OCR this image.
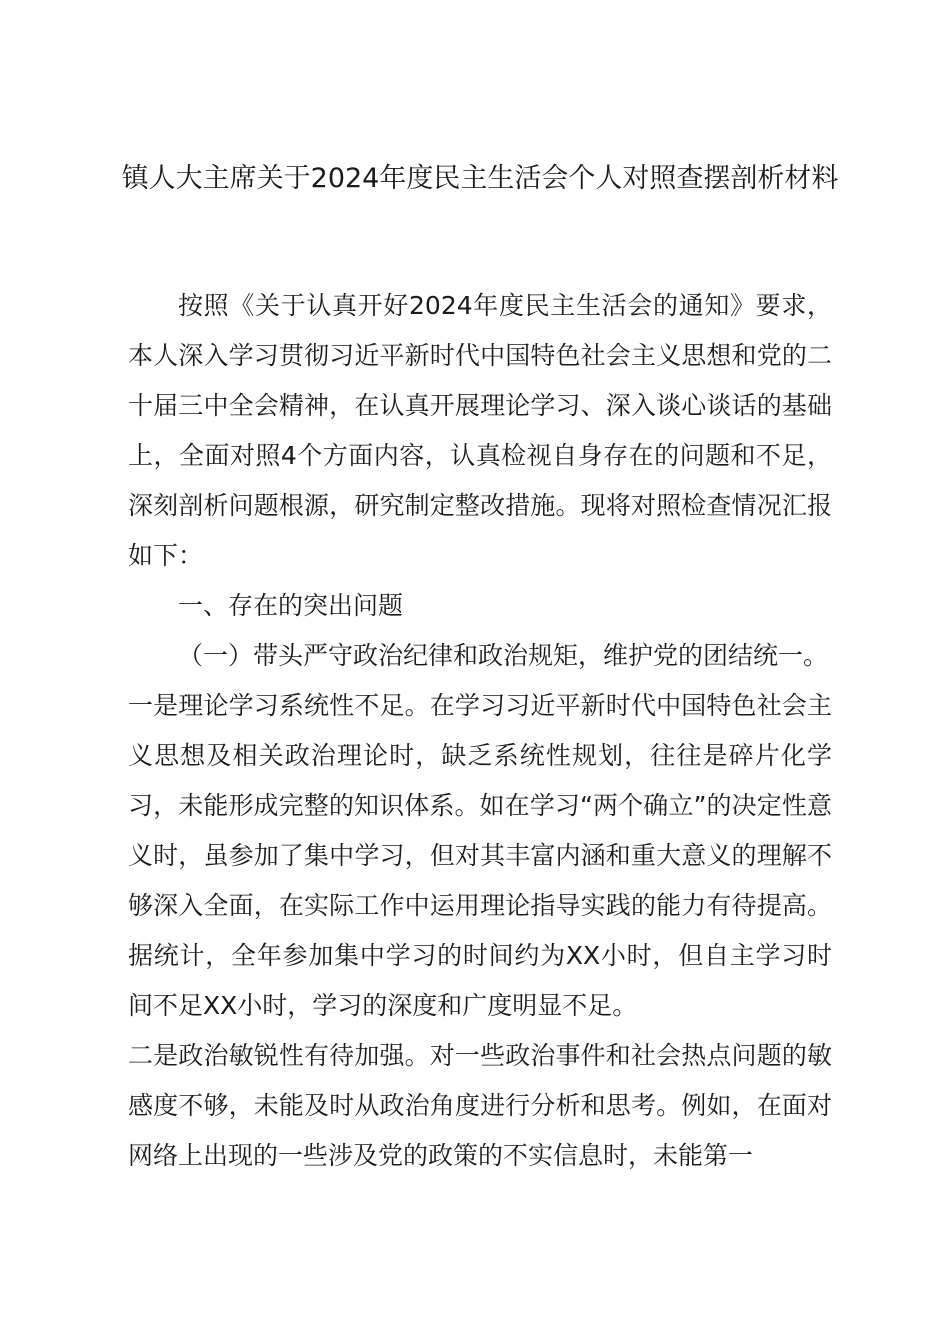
镇人大主席关于2024年度民主生活会个人对照查摆剖析材料

按照《关于认真开好2024年度民主生活会的通知》要求，本人深入学习贯彻习近平新时代中国特色社会主义思想和党的二十届三中全会精神，在认真开展理论学习、深入谈心谈话的基础上，全面对照4个方面内容，认真检视自身存在的问题和不足，深刻剖析问题根源，研究制定整改措施。现将对照检查情况汇报如下：

一、存在的突出问题

（一）带头严守政治纪律和政治规矩，维护党的团结统一。

一是理论学习系统性不足。在学习习近平新时代中国特色社会主义思想及相关政治理论时，缺乏系统性规划，往往是碎片化学习，未能形成完整的知识体系。如在学习“两个确立”的决定性意义时，虽参加了集中学习，但对其丰富内涵和重大意义的理解不够深入全面，在实际工作中运用理论指导实践的能力有待提高。据统计，全年参加集中学习的时间约为XX小时，但自主学习时间不足XX小时，学习的深度和广度明显不足。

二是政治敏锐性有待加强。对一些政治事件和社会热点问题的敏感度不够，未能及时从政治角度进行分析和思考。例如，在面对网络上出现的一些涉及党的政策的不实信息时，未能第一
